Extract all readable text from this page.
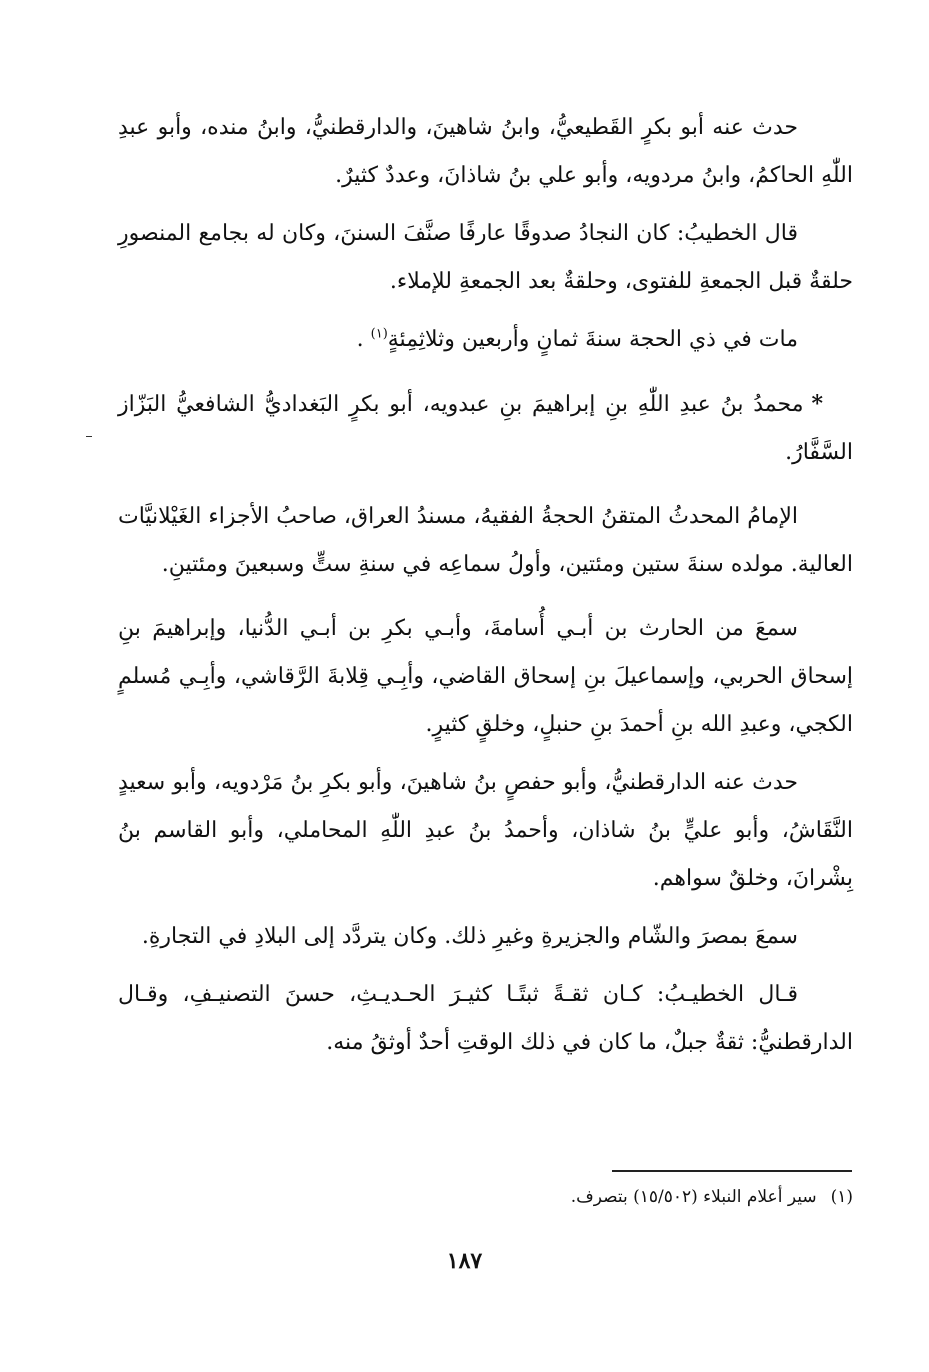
حدث عنه أبو بكرٍ القَطيعيُّ، وابنُ شاهينَ، والدارقطنيُّ، وابنُ منده، وأبو عبدِ اللّٰهِ الحاكمُ، وابنُ مردويه، وأبو علي بنُ شاذانَ، وعددٌ كثيرٌ.

قال الخطيبُ: كان النجادُ صدوقًا عارفًا صنَّفَ السننَ، وكان له بجامع المنصورِ حلقةٌ قبل الجمعةِ للفتوى، وحلقةٌ بعد الجمعةِ للإملاء.

مات في ذي الحجة سنةَ ثمانٍ وأربعين وثلاثِمِئةٍ$^{(١)}$ .

*محمدُ بنُ عبدِ اللّٰهِ بنِ إبراهيمَ بنِ عبدويه، أبو بكرٍ البَغداديُّ الشافعيُّ البَزّاز السَّفَّارُ.

الإمامُ المحدثُ المتقنُ الحجةُ الفقيهُ، مسندُ العراق، صاحبُ الأجزاء الغَيْلانيَّات العالية. مولده سنةَ ستين ومئتين، وأولُ سماعِه في سنةِ ستٍّ وسبعينَ ومئتينِ.

سمعَ من الحارث بن أبـي أُسامةَ، وأبـي بكرِ بن أبـي الدُّنيا، وإبراهيمَ بنِ إسحاق الحربي، وإسماعيلَ بنِ إسحاق القاضي، وأبِـي قِلابةَ الرَّقاشي، وأبِـي مُسلمٍ الكجي، وعبدِ الله بنِ أحمدَ بنِ حنبلٍ، وخلقٍ كثيرٍ.

حدث عنه الدارقطنيُّ، وأبو حفصٍ بنُ شاهينَ، وأبو بكرِ بنُ مَرْدويه، وأبو سعيدٍ النَّقَاشُ، وأبو عليٍّ بنُ شاذان، وأحمدُ بنُ عبدِ اللّٰهِ المحاملي، وأبو القاسم بنُ بِشْرانَ، وخلقٌ سواهم.

سمعَ بمصرَ والشّام والجزيرةِ وغيرِ ذلك. وكان يتردَّد إلى البلادِ في التجارةِ.

قـال الخطيـبُ: كـان ثقـةً ثبتًـا كثيـرَ الحـديـثِ، حسنَ التصنيـفِ، وقـال الدارقطنيُّ: ثقةٌ جبلٌ، ما كان في ذلك الوقتِ أحدٌ أوثقُ منه.

(١)سير أعلام النبلاء (١٥/٥٠٢) بتصرف.
١٨٧
